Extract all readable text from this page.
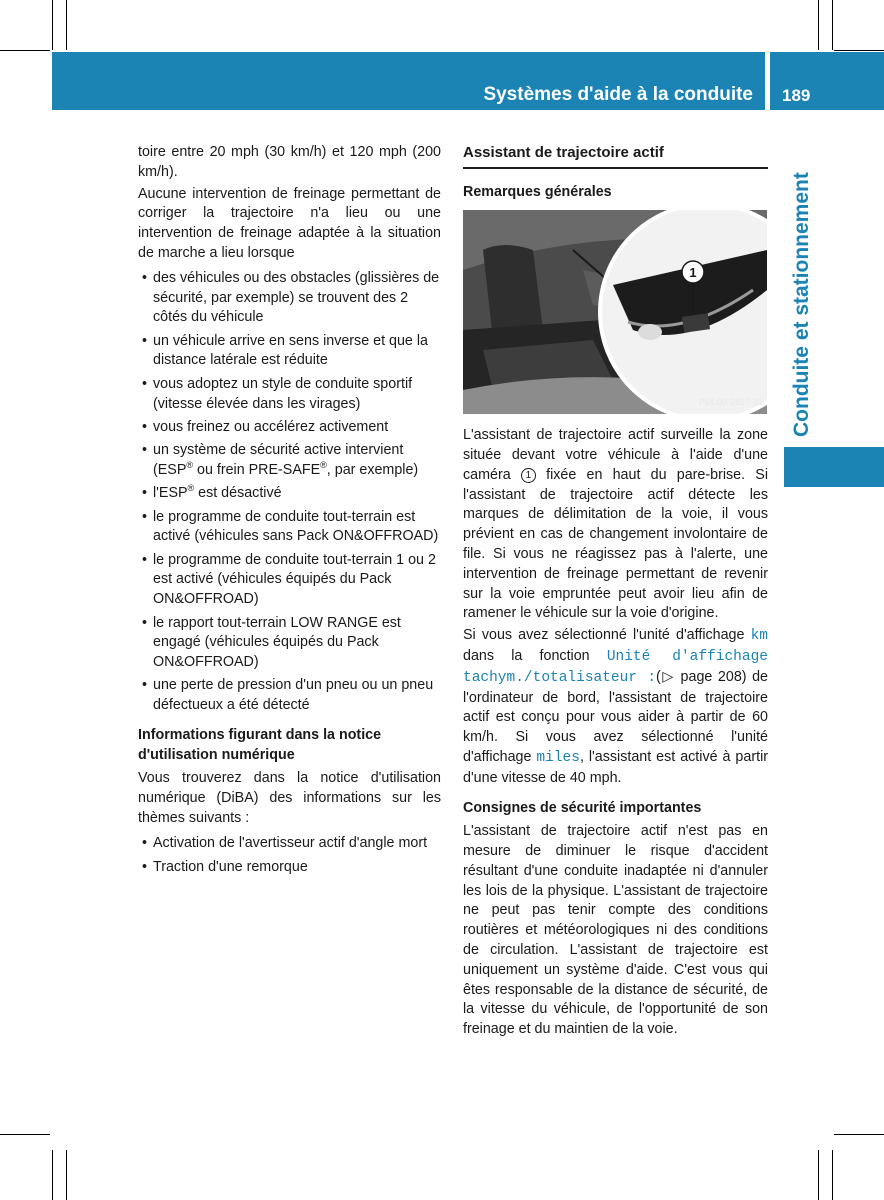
Systèmes d'aide à la conduite 189
Conduite et stationnement

toire entre 20 mph (30 km/h) et 120 mph (200 km/h).

Aucune intervention de freinage permettant de corriger la trajectoire n'a lieu ou une intervention de freinage adaptée à la situation de marche a lieu lorsque

• des véhicules ou des obstacles (glissières de sécurité, par exemple) se trouvent des 2 côtés du véhicule
• un véhicule arrive en sens inverse et que la distance latérale est réduite
• vous adoptez un style de conduite sportif (vitesse élevée dans les virages)
• vous freinez ou accélérez activement
• un système de sécurité active intervient (ESP® ou frein PRE-SAFE®, par exemple)
• l'ESP® est désactivé
• le programme de conduite tout-terrain est activé (véhicules sans Pack ON&OFFROAD)
• le programme de conduite tout-terrain 1 ou 2 est activé (véhicules équipés du Pack ON&OFFROAD)
• le rapport tout-terrain LOW RANGE est engagé (véhicules équipés du Pack ON&OFFROAD)
• une perte de pression d'un pneu ou un pneu défectueux a été détecté
Informations figurant dans la notice d'utilisation numérique

Vous trouverez dans la notice d'utilisation numérique (DiBA) des informations sur les thèmes suivants :

• Activation de l'avertisseur actif d'angle mort
• Traction d'une remorque
Assistant de trajectoire actif
Remarques générales
1
P54.00-2827-31

L'assistant de trajectoire actif surveille la zone située devant votre véhicule à l'aide d'une caméra 1 fixée en haut du pare-brise. Si l'assistant de trajectoire actif détecte les marques de délimitation de la voie, il vous prévient en cas de changement involontaire de file. Si vous ne réagissez pas à l'alerte, une intervention de freinage permettant de revenir sur la voie empruntée peut avoir lieu afin de ramener le véhicule sur la voie d'origine.

Si vous avez sélectionné l'unité d'affichage km dans la fonction Unité d'affichage tachym./totalisateur :(▷ page 208) de l'ordinateur de bord, l'assistant de trajectoire actif est conçu pour vous aider à partir de 60 km/h. Si vous avez sélectionné l'unité d'affichage miles, l'assistant est activé à partir d'une vitesse de 40 mph.

Consignes de sécurité importantes

L'assistant de trajectoire actif n'est pas en mesure de diminuer le risque d'accident résultant d'une conduite inadaptée ni d'annuler les lois de la physique. L'assistant de trajectoire ne peut pas tenir compte des conditions routières et météorologiques ni des conditions de circulation. L'assistant de trajectoire est uniquement un système d'aide. C'est vous qui êtes responsable de la distance de sécurité, de la vitesse du véhicule, de l'opportunité de son freinage et du maintien de la voie.
